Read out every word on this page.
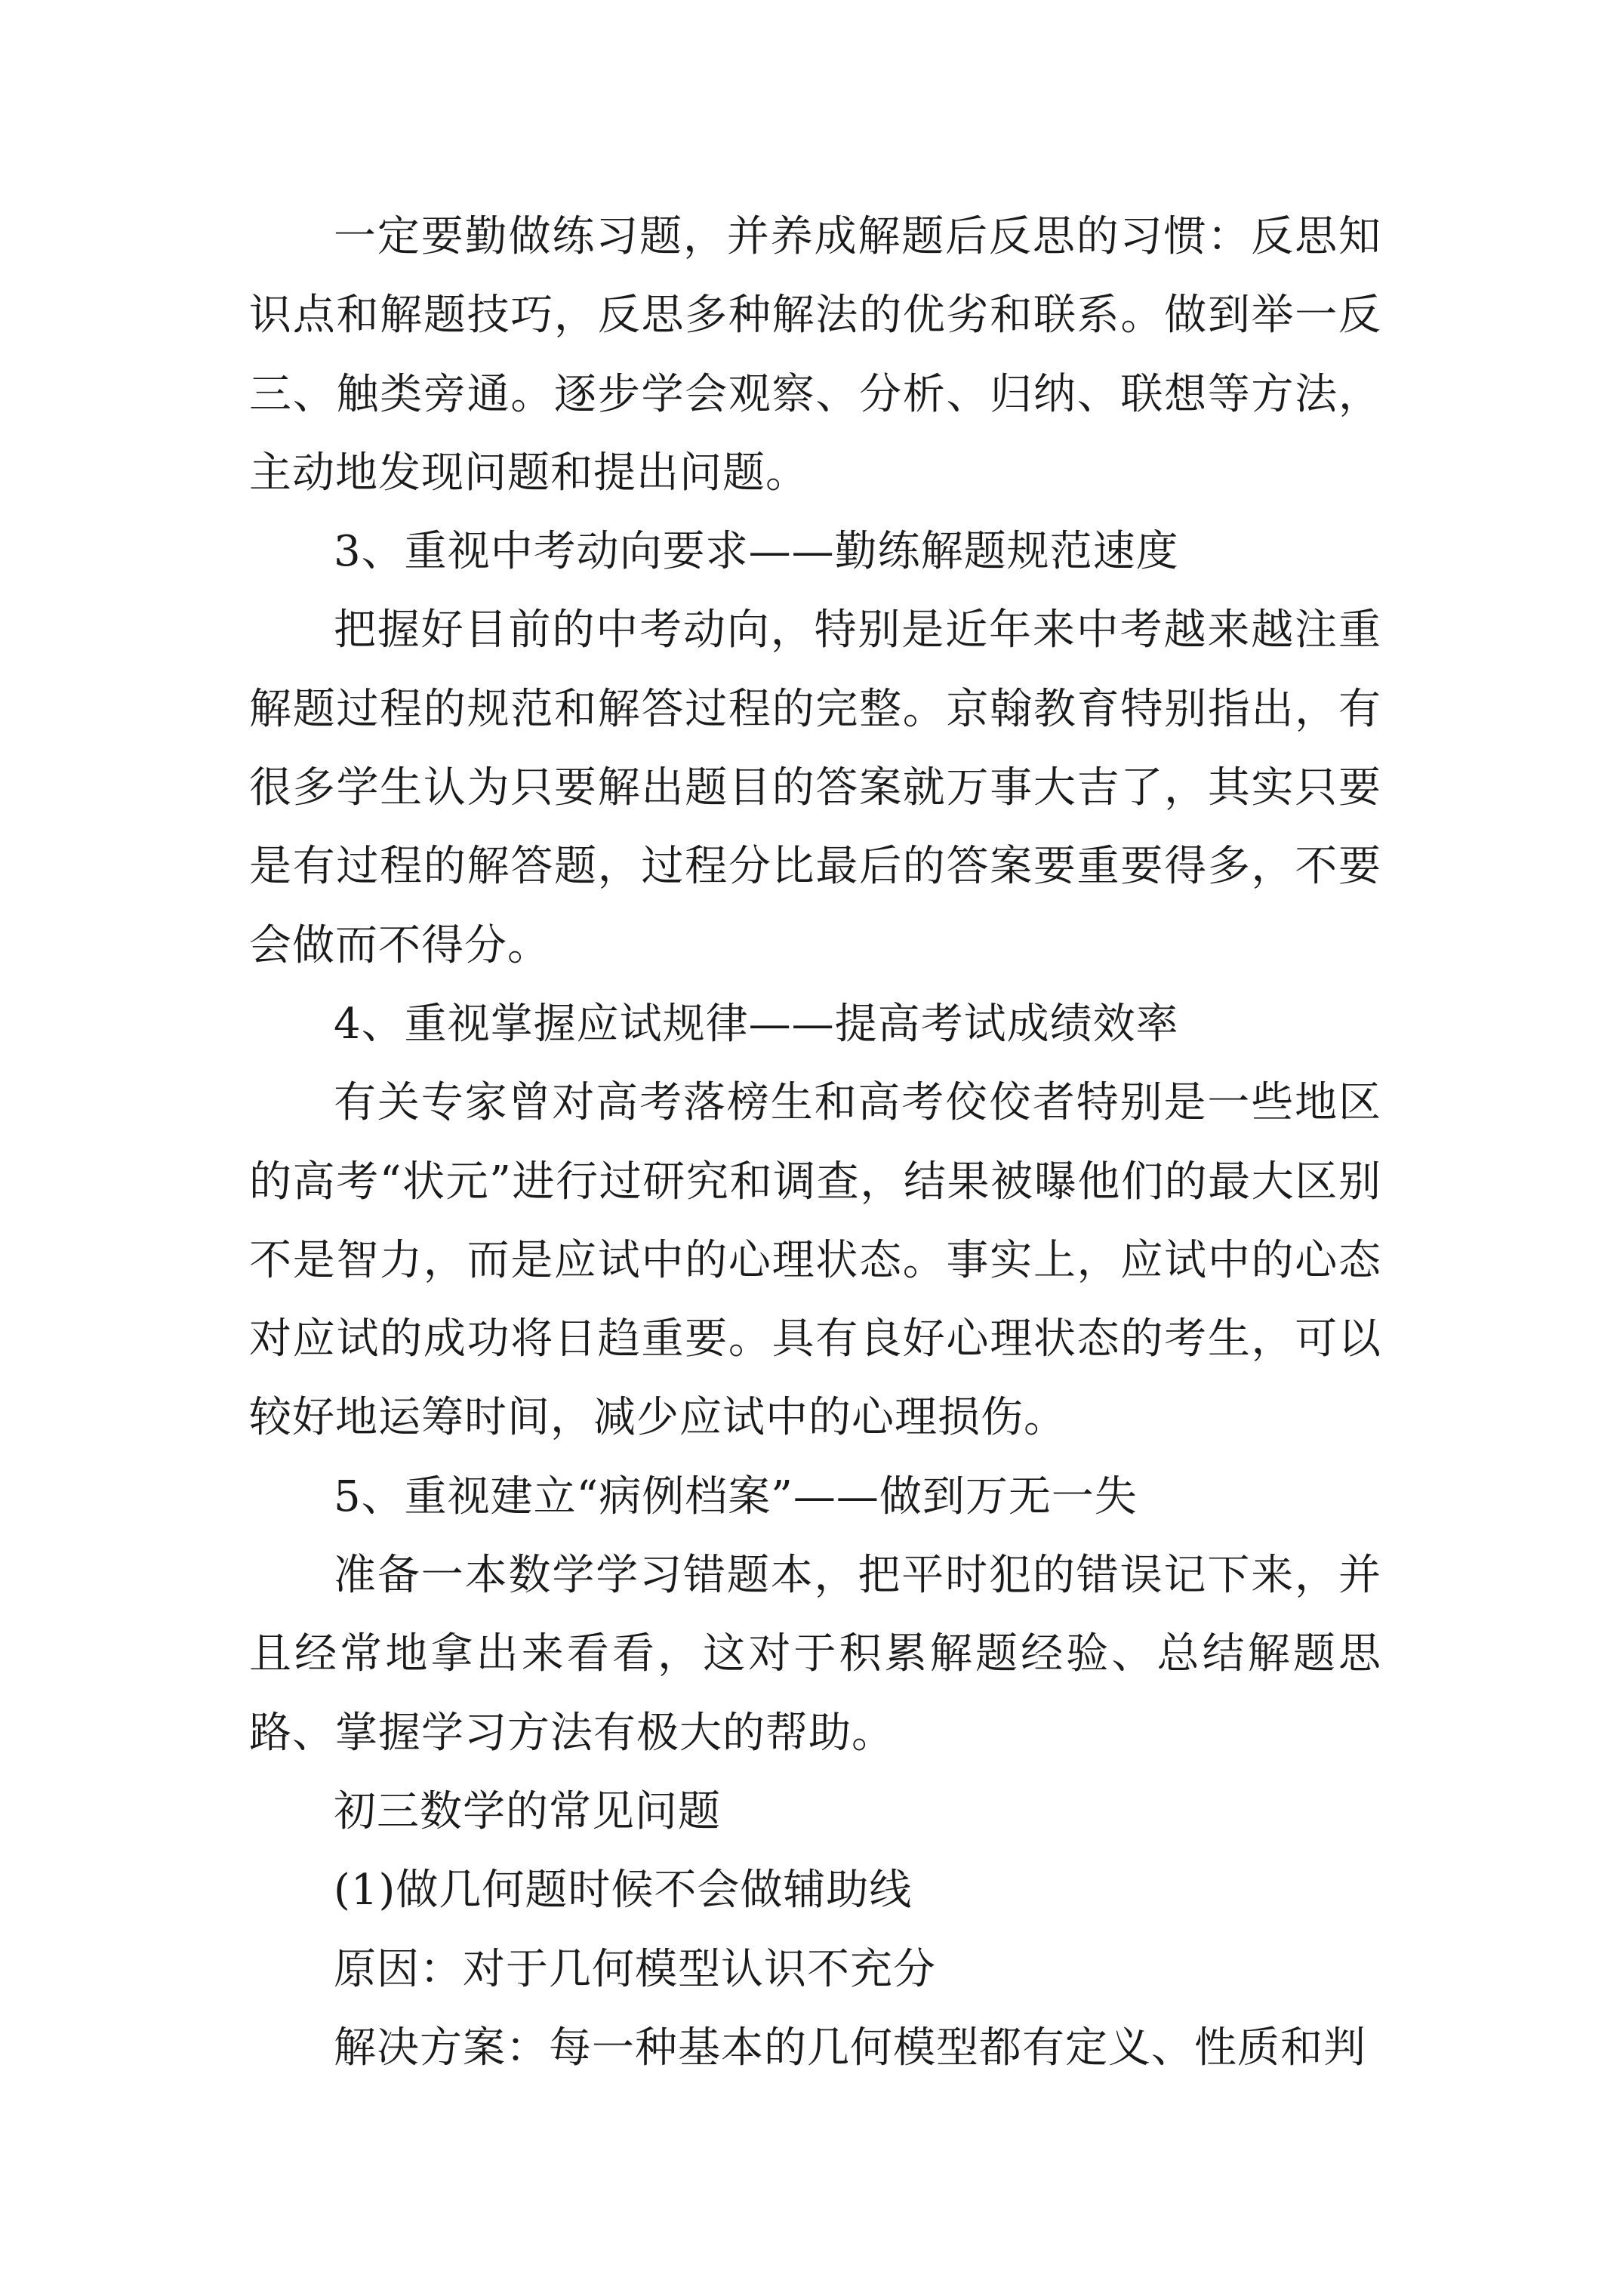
一定要勤做练习题，并养成解题后反思的习惯：反思知识点和解题技巧，反思多种解法的优劣和联系。做到举一反三、触类旁通。逐步学会观察、分析、归纳、联想等方法，主动地发现问题和提出问题。

3、重视中考动向要求——勤练解题规范速度

把握好目前的中考动向，特别是近年来中考越来越注重解题过程的规范和解答过程的完整。京翰教育特别指出，有很多学生认为只要解出题目的答案就万事大吉了，其实只要是有过程的解答题，过程分比最后的答案要重要得多，不要会做而不得分。

4、重视掌握应试规律——提高考试成绩效率

有关专家曾对高考落榜生和高考佼佼者特别是一些地区的高考“状元”进行过研究和调查，结果被曝他们的最大区别不是智力，而是应试中的心理状态。事实上，应试中的心态对应试的成功将日趋重要。具有良好心理状态的考生，可以较好地运筹时间，减少应试中的心理损伤。

5、重视建立“病例档案”——做到万无一失

准备一本数学学习错题本，把平时犯的错误记下来，并且经常地拿出来看看，这对于积累解题经验、总结解题思路、掌握学习方法有极大的帮助。

初三数学的常见问题

(1)做几何题时候不会做辅助线

原因：对于几何模型认识不充分

解决方案：每一种基本的几何模型都有定义、性质和判
